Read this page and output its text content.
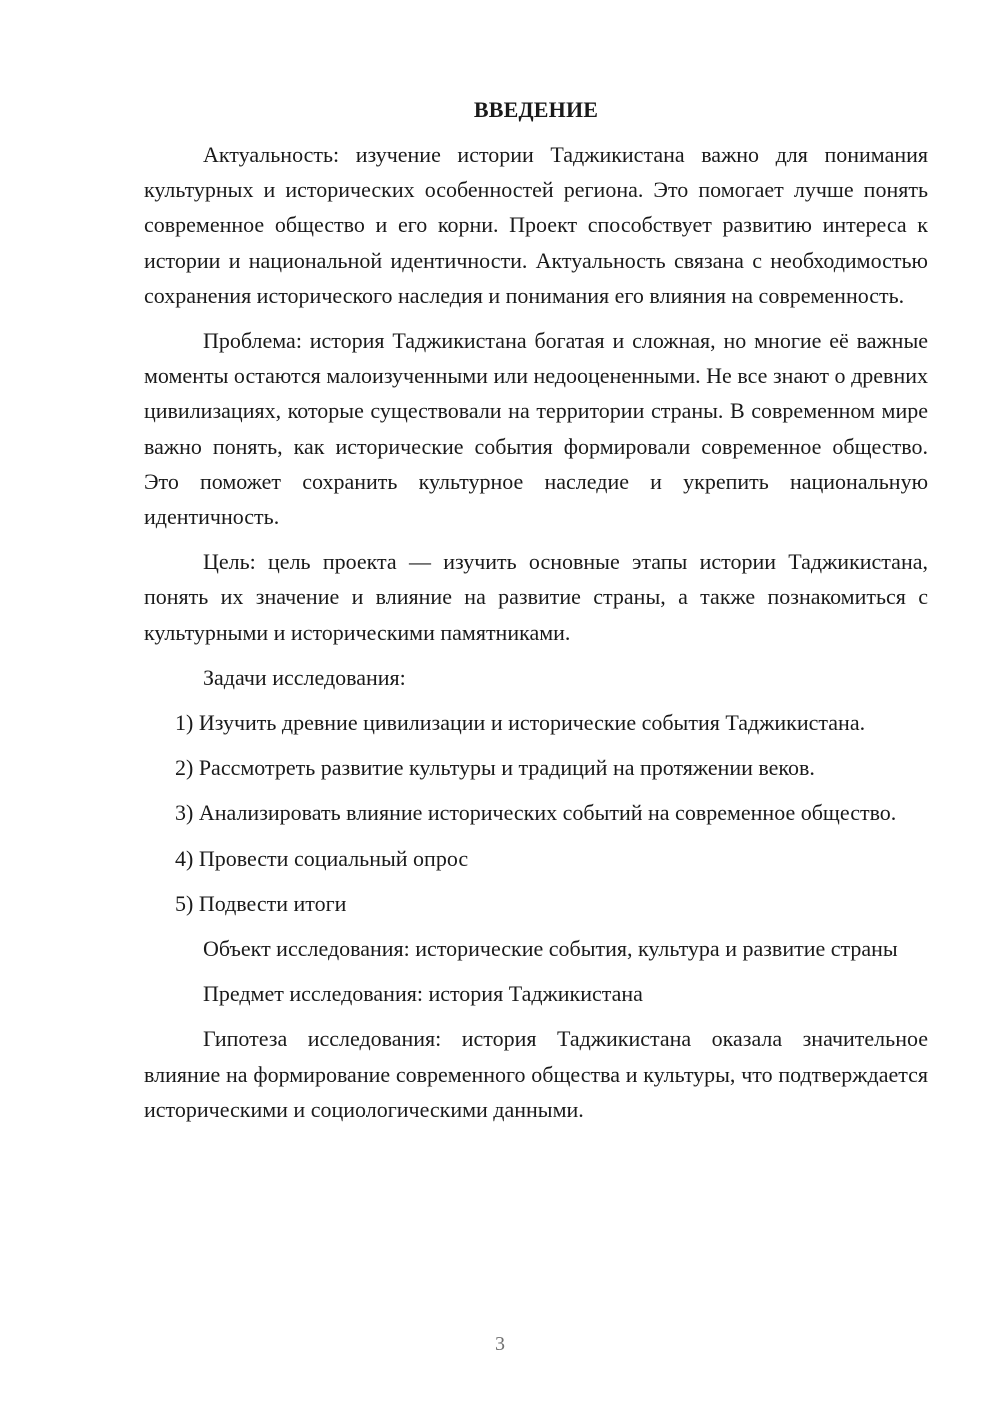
ВВЕДЕНИЕ

Актуальность: изучение истории Таджикистана важно для понимания культурных и исторических особенностей региона. Это помогает лучше понять современное общество и его корни. Проект способствует развитию интереса к истории и национальной идентичности. Актуальность связана с необходимостью сохранения исторического наследия и понимания его влияния на современность.

Проблема: история Таджикистана богатая и сложная, но многие её важные моменты остаются малоизученными или недооцененными. Не все знают о древних цивилизациях, которые существовали на территории страны. В современном мире важно понять, как исторические события формировали современное общество. Это поможет сохранить культурное наследие и укрепить национальную идентичность.

Цель: цель проекта — изучить основные этапы истории Таджикистана, понять их значение и влияние на развитие страны, а также познакомиться с культурными и историческими памятниками.

Задачи исследования:

1) Изучить древние цивилизации и исторические события Таджикистана.

2) Рассмотреть развитие культуры и традиций на протяжении веков.

3) Анализировать влияние исторических событий на современное общество.

4) Провести социальный опрос

5) Подвести итоги

Объект исследования: исторические события, культура и развитие страны

Предмет исследования: история Таджикистана

Гипотеза исследования: история Таджикистана оказала значительное влияние на формирование современного общества и культуры, что подтверждается историческими и социологическими данными.

3
